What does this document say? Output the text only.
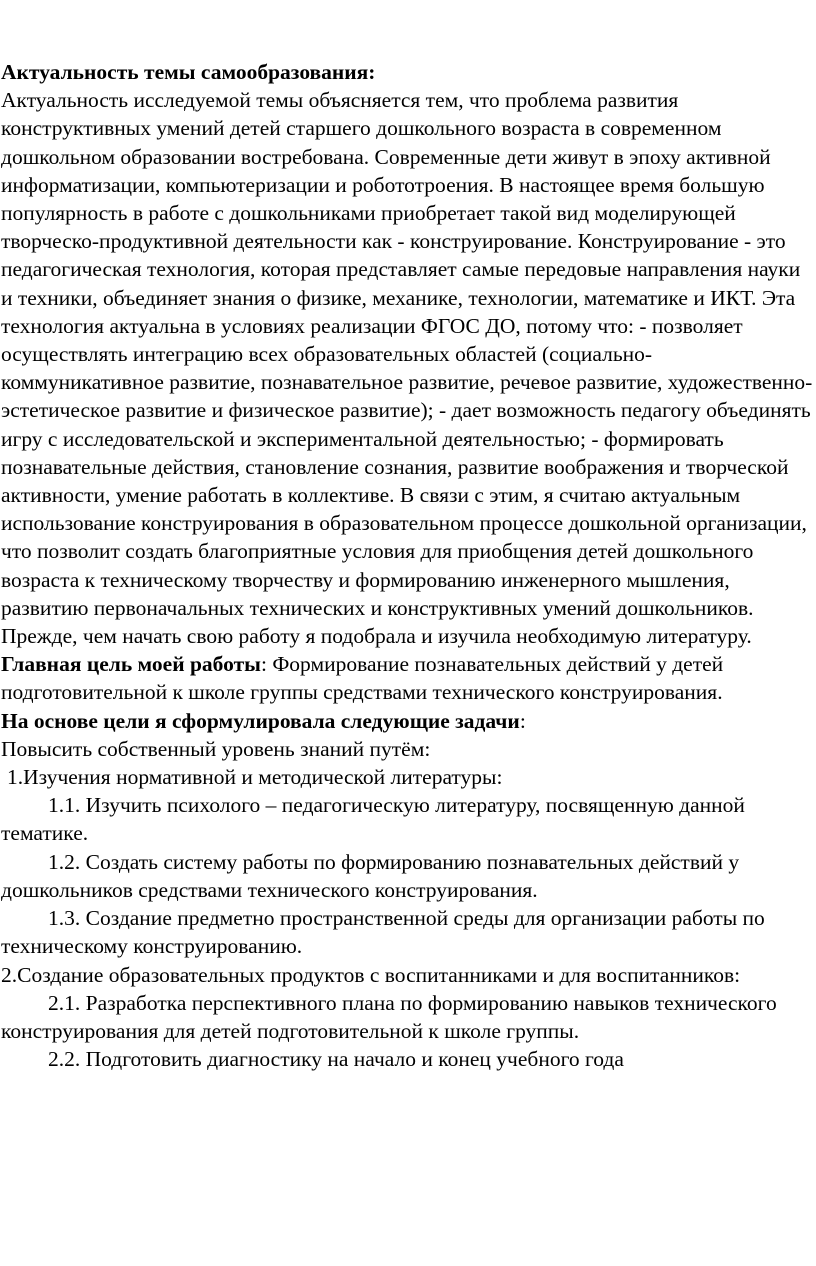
Актуальность темы самообразования:

Актуальность исследуемой темы объясняется тем, что проблема развития конструктивных умений детей старшего дошкольного возраста в современном дошкольном образовании востребована. Современные дети живут в эпоху активной информатизации, компьютеризации и робототроения. В настоящее время большую популярность в работе с дошкольниками приобретает такой вид моделирующей творческо-продуктивной деятельности как - конструирование. Конструирование - это педагогическая технология, которая представляет самые передовые направления науки и техники, объединяет знания о физике, механике, технологии, математике и ИКТ. Эта технология актуальна в условиях реализации ФГОС ДО, потому что: - позволяет осуществлять интеграцию всех образовательных областей (социально-коммуникативное развитие, познавательное развитие, речевое развитие, художественно-эстетическое развитие и физическое развитие); - дает возможность педагогу объединять игру с исследовательской и экспериментальной деятельностью; - формировать познавательные действия, становление сознания, развитие воображения и творческой активности, умение работать в коллективе. В связи с этим, я считаю актуальным использование конструирования в образовательном процессе дошкольной организации, что позволит создать благоприятные условия для приобщения детей дошкольного возраста к техническому творчеству и формированию инженерного мышления, развитию первоначальных технических и конструктивных умений дошкольников.

Прежде, чем начать свою работу я подобрала и изучила необходимую литературу.

Главная цель моей работы: Формирование познавательных действий у детей подготовительной к школе группы средствами технического конструирования.

На основе цели я сформулировала следующие задачи:

Повысить собственный уровень знаний путём:

1.Изучения нормативной и методической литературы:

1.1. Изучить психолого – педагогическую литературу, посвященную данной тематике.

1.2. Создать систему работы по формированию познавательных действий у дошкольников средствами технического конструирования.

1.3. Создание предметно пространственной среды для организации работы по техническому конструированию.

2.Создание образовательных продуктов с воспитанниками и для воспитанников:

2.1. Разработка перспективного плана по формированию навыков технического конструирования для детей подготовительной к школе группы.

2.2. Подготовить диагностику на начало и конец учебного года
